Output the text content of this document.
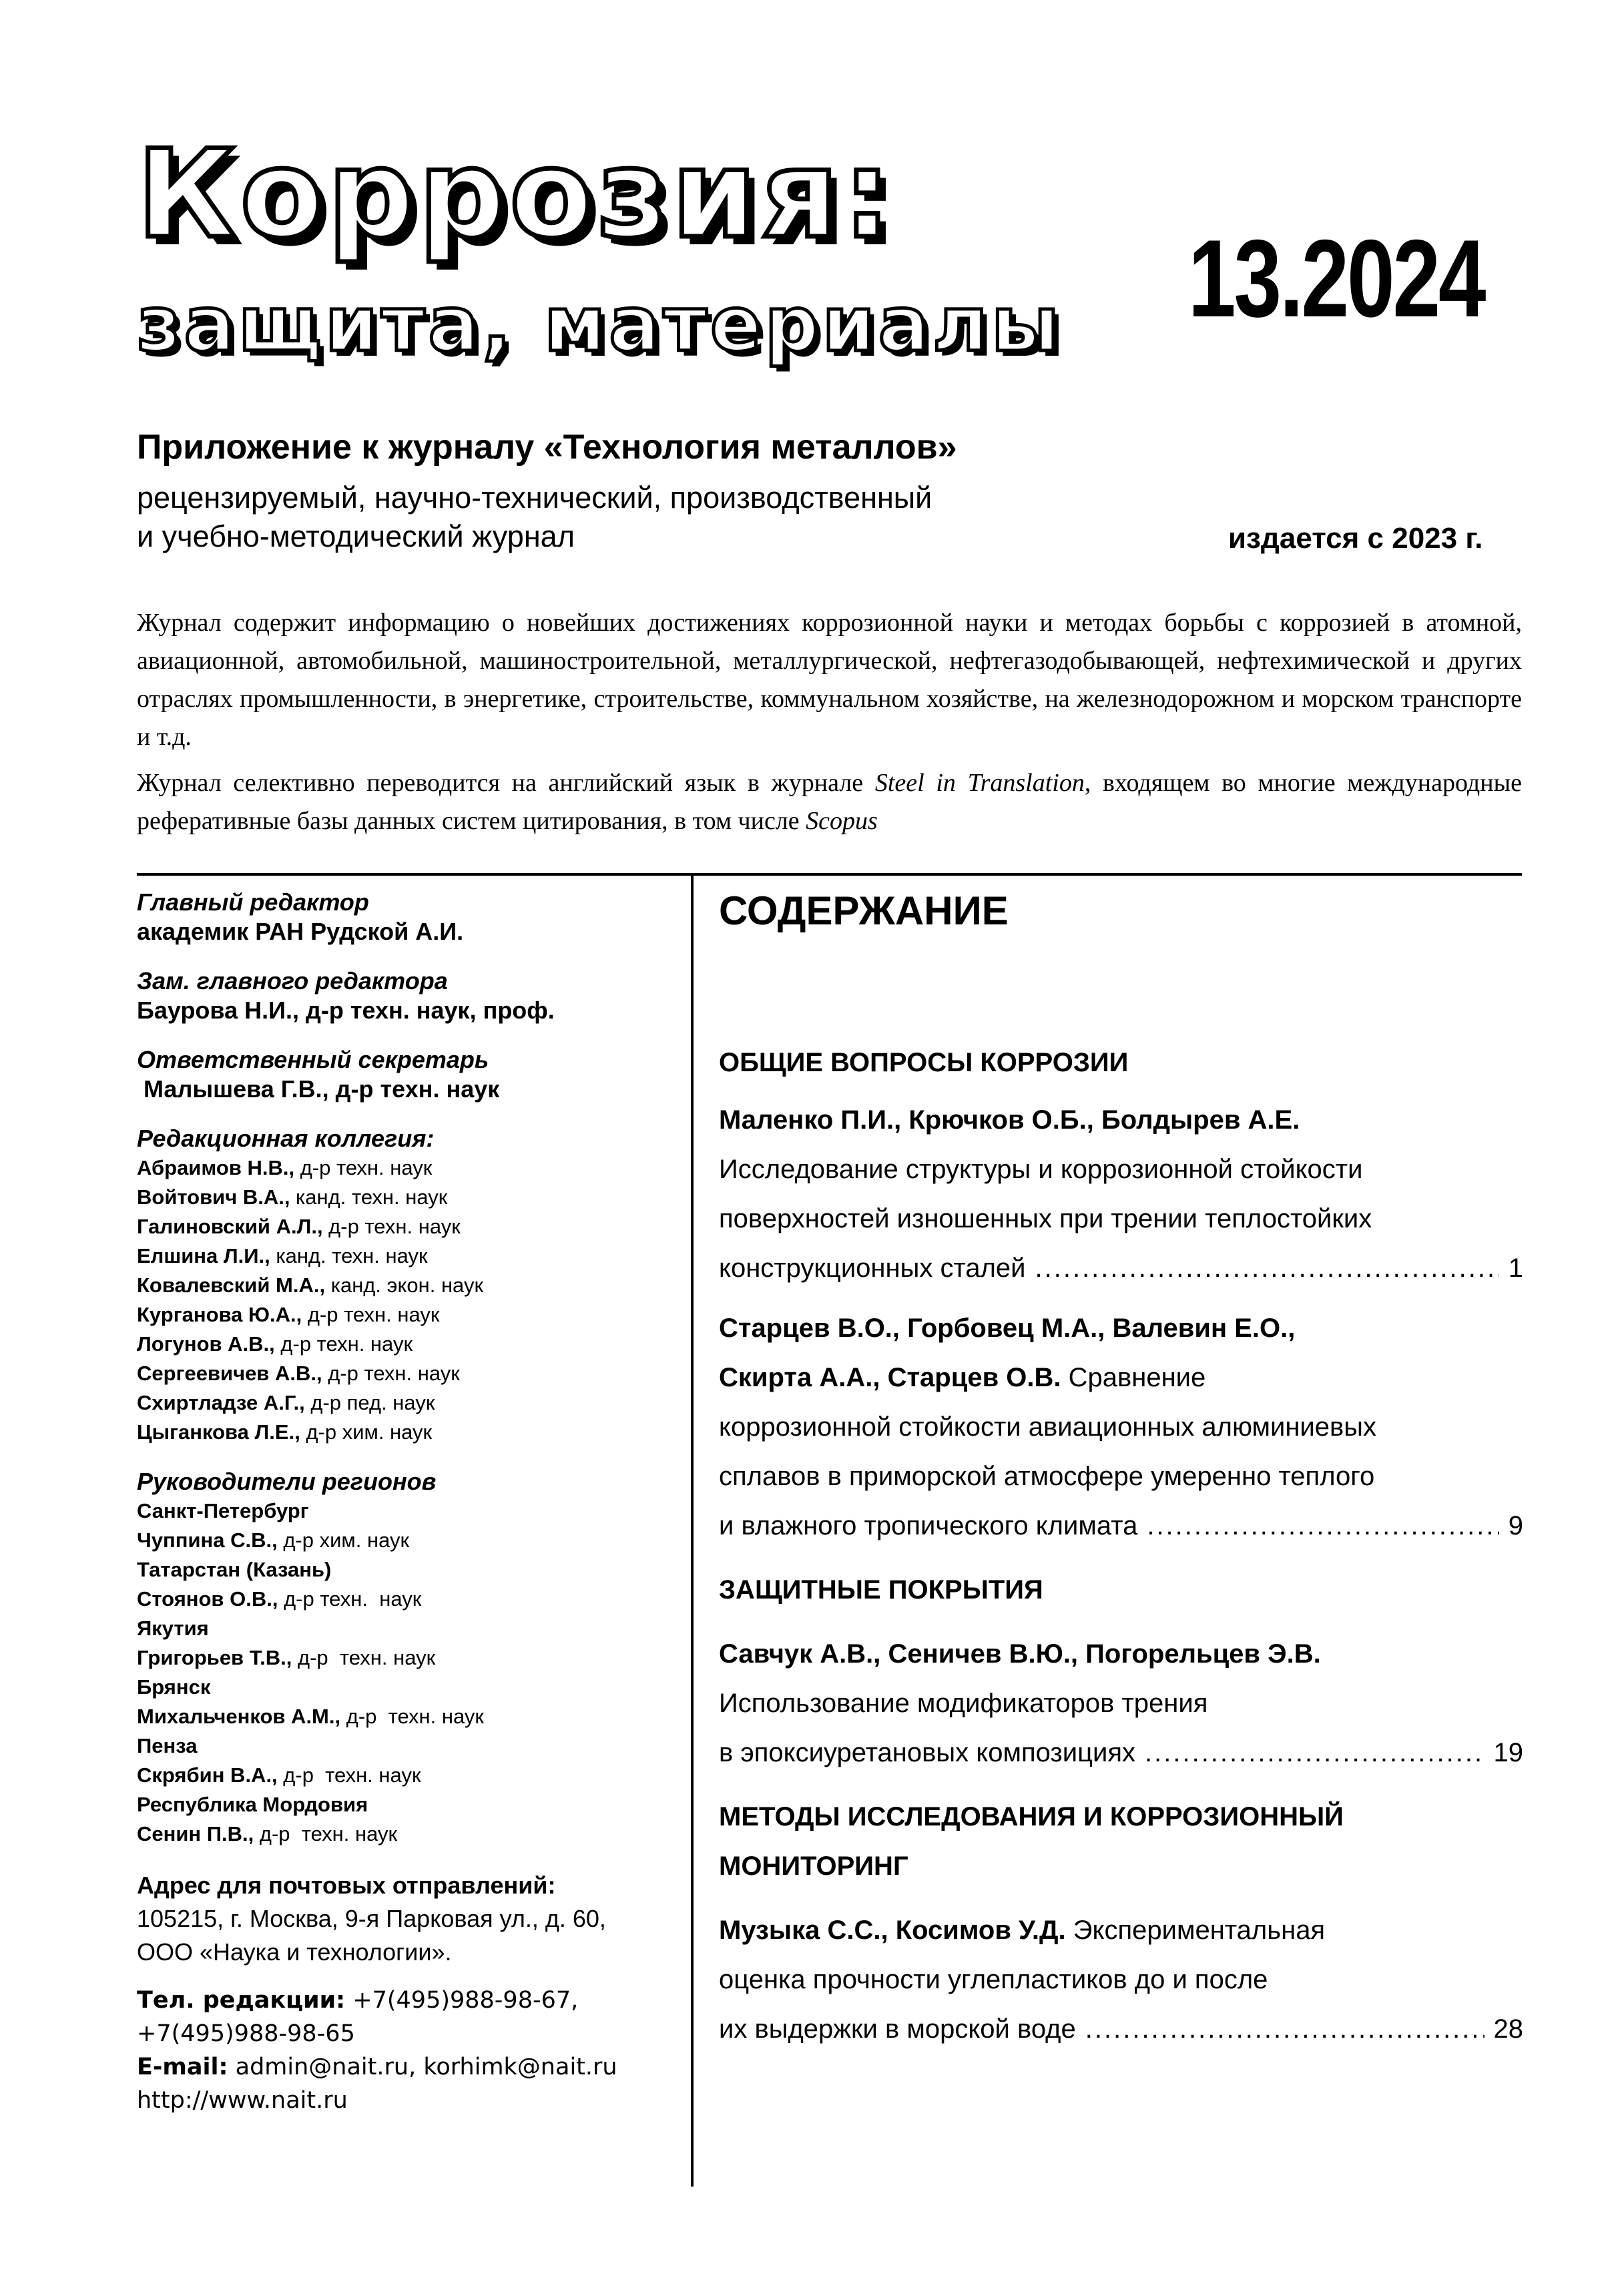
Коррозия:
защита, материалы 13.2024
Приложение к журналу «Технология металлов»
рецензируемый, научно-технический, производственный
и учебно-методический журнал	издается с 2023 г.
Журнал содержит информацию о новейших достижениях коррозионной науки и методах борьбы с коррозией в атомной, авиационной, автомобильной, машиностроительной, металлургической, нефтегазодобывающей, нефтехимической и других отраслях промышленности, в энергетике, строительстве, коммунальном хозяйстве, на железнодорожном и морском транспорте и т.д.
Журнал селективно переводится на английский язык в журнале Steel in Translation, входящем во многие международные реферативные базы данных систем цитирования, в том числе Scopus
Главный редактор
академик РАН Рудской А.И.
Зам. главного редактора
Баурова Н.И., д-р техн. наук, проф.
Ответственный секретарь
Малышева Г.В., д-р техн. наук
Редакционная коллегия:
Абраимов Н.В., д-р техн. наук
Войтович В.А., канд. техн. наук
Галиновский А.Л., д-р техн. наук
Елшина Л.И., канд. техн. наук
Ковалевский М.А., канд. экон. наук
Курганова Ю.А., д-р техн. наук
Логунов А.В., д-р техн. наук
Сергеевичев А.В., д-р техн. наук
Схиртладзе А.Г., д-р пед. наук
Цыганкова Л.Е., д-р хим. наук
Руководители регионов
Санкт-Петербург
Чуппина С.В., д-р хим. наук
Татарстан (Казань)
Стоянов О.В., д-р техн.  наук
Якутия
Григорьев Т.В., д-р  техн. наук
Брянск
Михальченков А.М., д-р  техн. наук
Пенза
Скрябин В.А., д-р  техн. наук
Республика Мордовия
Сенин П.В., д-р  техн. наук
Адрес для почтовых отправлений:
105215, г. Москва, 9-я Парковая ул., д. 60,
ООО «Наука и технологии».
Тел. редакции: +7(495)988-98-67,
+7(495)988-98-65
E-mail: admin@nait.ru, korhimk@nait.ru
http://www.nait.ru
СОДЕРЖАНИЕ
ОБЩИЕ ВОПРОСЫ КОРРОЗИИ
Маленко П.И., Крючков О.Б., Болдырев А.Е.
Исследование структуры и коррозионной стойкости
поверхностей изношенных при трении теплостойких
конструкционных сталей .....	1
Старцев В.О., Горбовец М.А., Валевин Е.О.,
Скирта А.А., Старцев О.В. Сравнение
коррозионной стойкости авиационных алюминиевых
сплавов в приморской атмосфере умеренно теплого
и влажного тропического климата .....	9
ЗАЩИТНЫЕ ПОКРЫТИЯ
Савчук А.В., Сеничев В.Ю., Погорельцев Э.В.
Использование модификаторов трения
в эпоксиуретановых композициях .....	19
МЕТОДЫ ИССЛЕДОВАНИЯ И КОРРОЗИОННЫЙ
МОНИТОРИНГ
Музыка С.С., Косимов У.Д. Экспериментальная
оценка прочности углепластиков до и после
их выдержки в морской воде .....	28
